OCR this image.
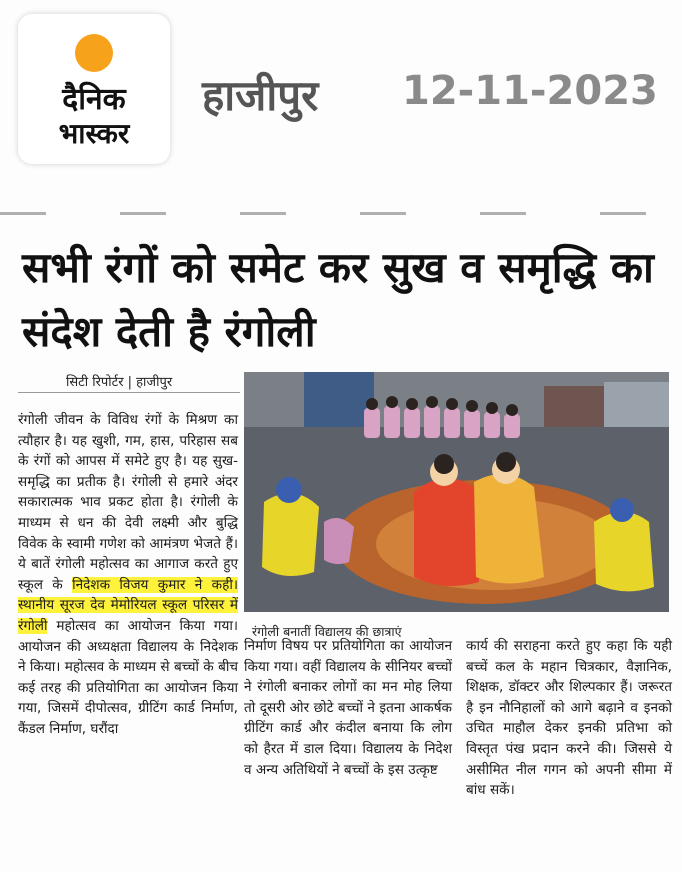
दैनिक
भास्कर
हाजीपुर 12-11-2023
सभी रंगों को समेट कर सुख व समृद्धि का संदेश देती है रंगोली
सिटी रिपोर्टर | हाजीपुर

रंगोली जीवन के विविध रंगों के मिश्रण का त्यौहार है। यह खुशी, गम, हास, परिहास सब के रंगों को आपस में समेटे हुए है। यह सुख-समृद्धि का प्रतीक है। रंगोली से हमारे अंदर सकारात्मक भाव प्रकट होता है। रंगोली के माध्यम से धन की देवी लक्ष्मी और बुद्धि विवेक के स्वामी गणेश को आमंत्रण भेजते हैं। ये बातें रंगोली महोत्सव का आगाज करते हुए स्कूल के निदेशक विजय कुमार ने कही। स्थानीय सूरज देव मेमोरियल स्कूल परिसर में रंगोली महोत्सव का आयोजन किया गया। आयोजन की अध्यक्षता विद्यालय के निदेशक ने किया। महोत्सव के माध्यम से बच्चों के बीच कई तरह की प्रतियोगिता का आयोजन किया गया, जिसमें दीपोत्सव, ग्रीटिंग कार्ड निर्माण, कैंडल निर्माण, घरौंदा

रंगोली बनातीं विद्यालय की छात्राएं

निर्माण विषय पर प्रतियोगिता का आयोजन किया गया। वहीं विद्यालय के सीनियर बच्चों ने रंगोली बनाकर लोगों का मन मोह लिया तो दूसरी ओर छोटे बच्चों ने इतना आकर्षक ग्रीटिंग कार्ड और कंदील बनाया कि लोग को हैरत में डाल दिया। विद्यालय के निदेश व अन्य अतिथियों ने बच्चों के इस उत्कृष्ट

कार्य की सराहना करते हुए कहा कि यही बच्चें कल के महान चित्रकार, वैज्ञानिक, शिक्षक, डॉक्टर और शिल्पकार हैं। जरूरत है इन नौनिहालों को आगे बढ़ाने व इनको उचित माहौल देकर इनकी प्रतिभा को विस्तृत पंख प्रदान करने की। जिससे ये असीमित नील गगन को अपनी सीमा में बांध सकें।
